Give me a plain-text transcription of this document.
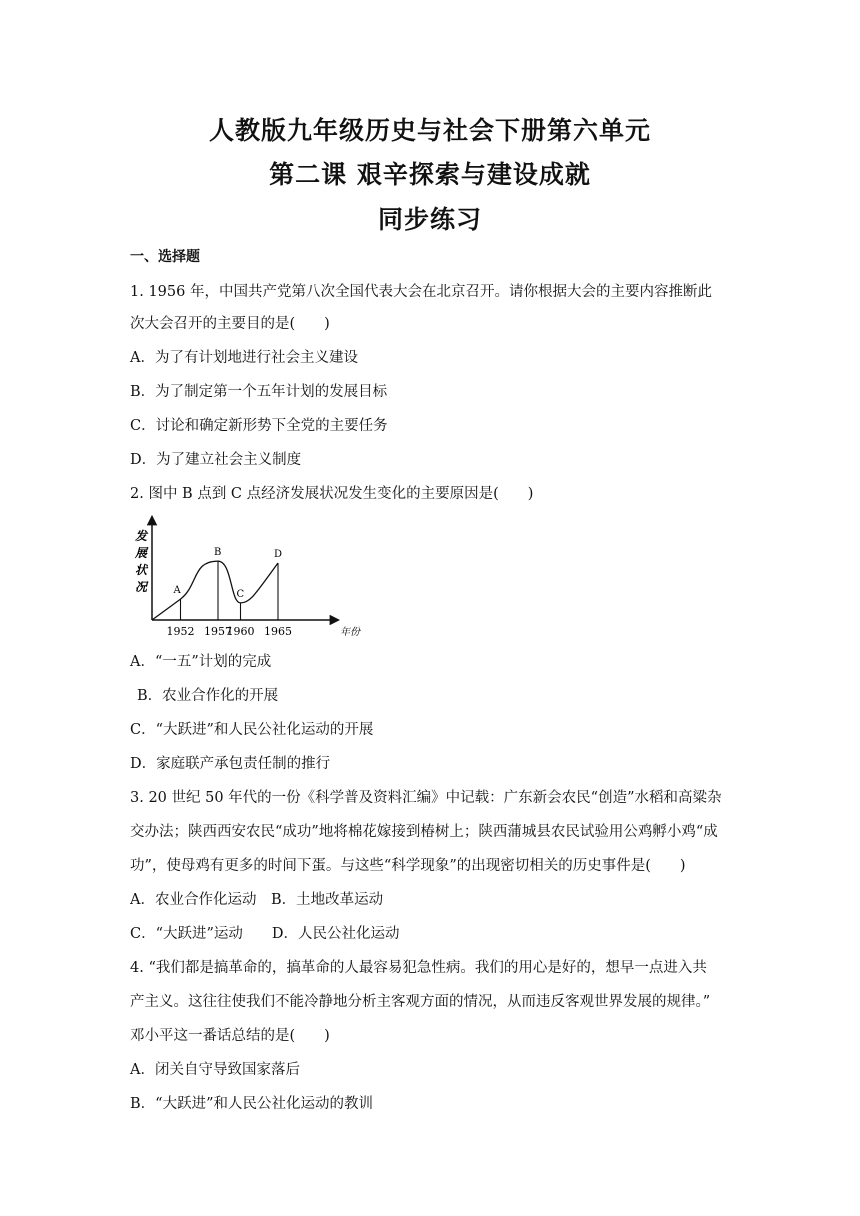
人教版九年级历史与社会下册第六单元
第二课 艰辛探索与建设成就
同步练习
一、选择题
1. 1956 年，中国共产党第八次全国代表大会在北京召开。请你根据大会的主要内容推断此
次大会召开的主要目的是(　　)
A．为了有计划地进行社会主义建设
B．为了制定第一个五年计划的发展目标
C．讨论和确定新形势下全党的主要任务
D．为了建立社会主义制度
2. 图中 B 点到 C 点经济发展状况发生变化的主要原因是(　　)
发
展
状
况
年份
A
1952
B
1957
C
1960
D
1965
A．“一五”计划的完成
B．农业合作化的开展
C．“大跃进”和人民公社化运动的开展
D．家庭联产承包责任制的推行
3. 20 世纪 50 年代的一份《科学普及资料汇编》中记载：广东新会农民“创造”水稻和高粱杂
交办法；陕西西安农民“成功”地将棉花嫁接到椿树上；陕西蒲城县农民试验用公鸡孵小鸡“成
功”，使母鸡有更多的时间下蛋。与这些“科学现象”的出现密切相关的历史事件是(　　)
A．农业合作化运动　B．土地改革运动
C．“大跃进”运动　　D．人民公社化运动
4. “我们都是搞革命的，搞革命的人最容易犯急性病。我们的用心是好的，想早一点进入共
产主义。这往往使我们不能冷静地分析主客观方面的情况，从而违反客观世界发展的规律。”
邓小平这一番话总结的是(　　)
A．闭关自守导致国家落后
B．“大跃进”和人民公社化运动的教训
